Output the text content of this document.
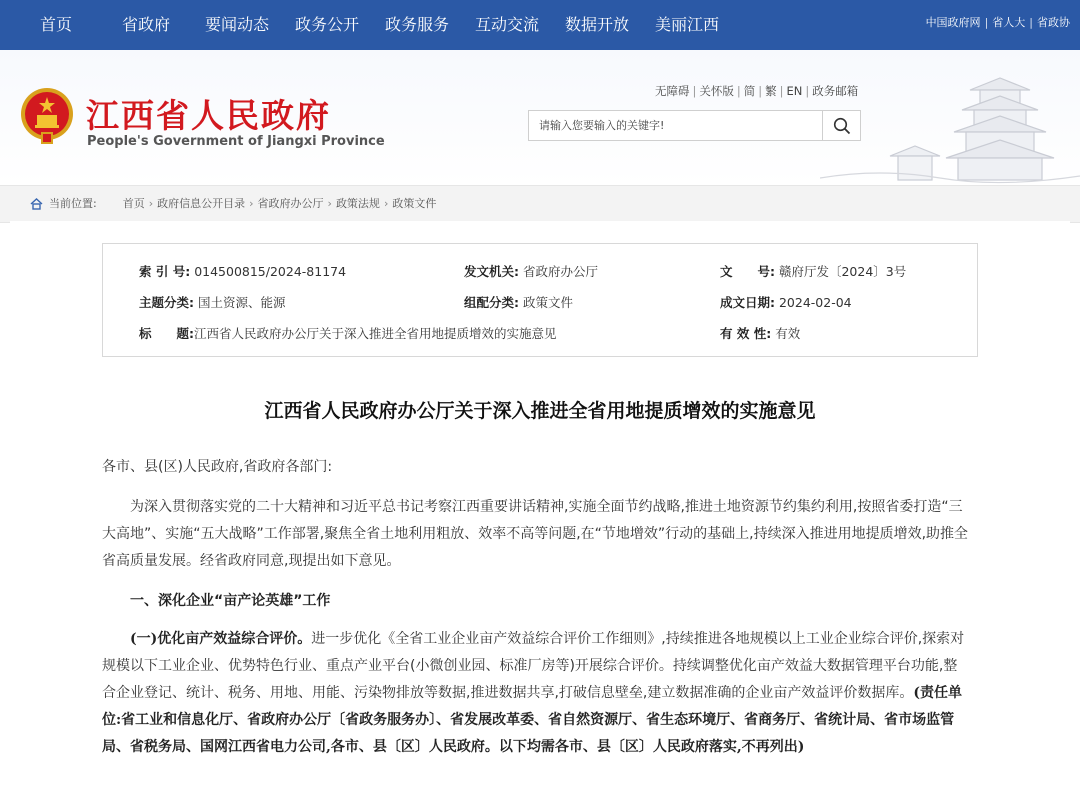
首页	省政府 要闻动态 政务公开 政务服务 互动交流 数据开放 美丽江西	中国政府网 | 省人大 | 省政协
江西省人民政府
People's Government of Jiangxi Province
无障碍 | 关怀版 | 简 | 繁 | EN | 政务邮箱
请输入您要输入的关键字!
当前位置: 首页 › 政府信息公开目录 › 省政府办公厅 › 政策法规 › 政策文件
索 引 号: 014500815/2024-81174	发文机关: 省政府办公厅	文　　号: 赣府厅发〔2024〕3号
主题分类: 国土资源、能源	组配分类: 政策文件	成文日期: 2024-02-04
标　　题:江西省人民政府办公厅关于深入推进全省用地提质增效的实施意见	有 效 性: 有效
江西省人民政府办公厅关于深入推进全省用地提质增效的实施意见
各市、县(区)人民政府,省政府各部门:
为深入贯彻落实党的二十大精神和习近平总书记考察江西重要讲话精神,实施全面节约战略,推进土地资源节约集约利用,按照省委打造“三大高地”、实施“五大战略”工作部署,聚焦全省土地利用粗放、效率不高等问题,在“节地增效”行动的基础上,持续深入推进用地提质增效,助推全省高质量发展。经省政府同意,现提出如下意见。
一、深化企业“亩产论英雄”工作
(一)优化亩产效益综合评价。进一步优化《全省工业企业亩产效益综合评价工作细则》,持续推进各地规模以上工业企业综合评价,探索对规模以下工业企业、优势特色行业、重点产业平台(小微创业园、标准厂房等)开展综合评价。持续调整优化亩产效益大数据管理平台功能,整合企业登记、统计、税务、用地、用能、污染物排放等数据,推进数据共享,打破信息壁垒,建立数据准确的企业亩产效益评价数据库。(责任单位:省工业和信息化厅、省政府办公厅〔省政务服务办〕、省发展改革委、省自然资源厅、省生态环境厅、省商务厅、省统计局、省市场监管局、省税务局、国网江西省电力公司,各市、县〔区〕人民政府。以下均需各市、县〔区〕人民政府落实,不再列出)
